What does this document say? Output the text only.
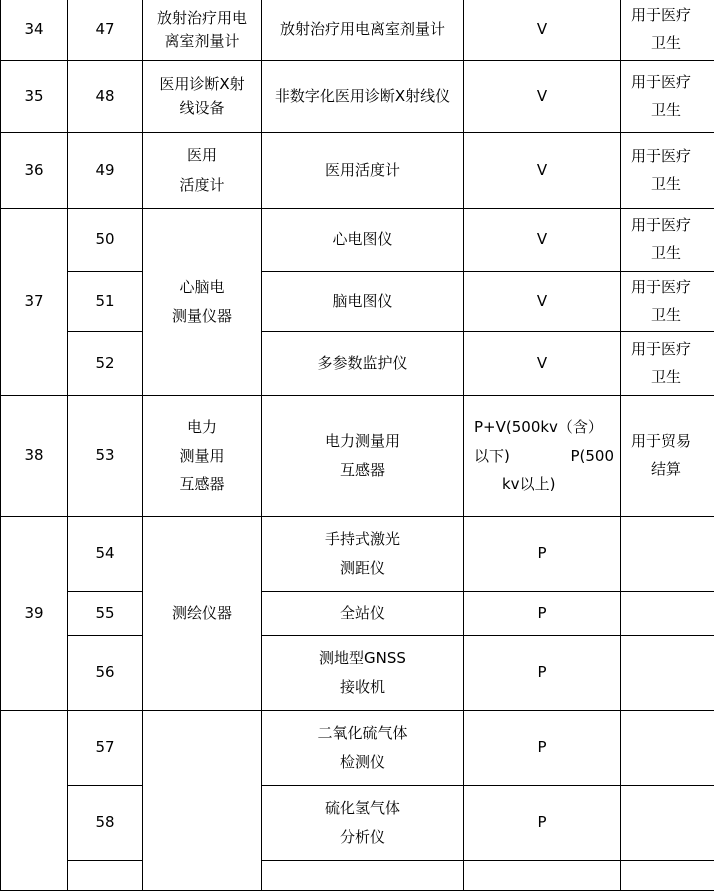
34	47	放射治疗用电
离室剂量计	放射治疗用电离室剂量计	V	用于医疗
卫生

35	48	医用诊断X射
线设备	非数字化医用诊断X射线仪	V	用于医疗
卫生

36	49	医用
活度计	医用活度计	V	用于医疗
卫生

37	50	心脑电
测量仪器	心电图仪	V	用于医疗
卫生

	51		脑电图仪	V	用于医疗
卫生

	52		多参数监护仪	V	用于医疗
卫生

38	53	电力
测量用
互感器	电力测量用
互感器	P+V(500kv（含）
以下) P(500
kv以上)	用于贸易
结算

39	54	测绘仪器	手持式激光
测距仪	P	
	55		全站仪	P	
	56		测地型GNSS
接收机	P	
	57		二氧化硫气体
检测仪	P	
	58		硫化氢气体
分析仪	P	
